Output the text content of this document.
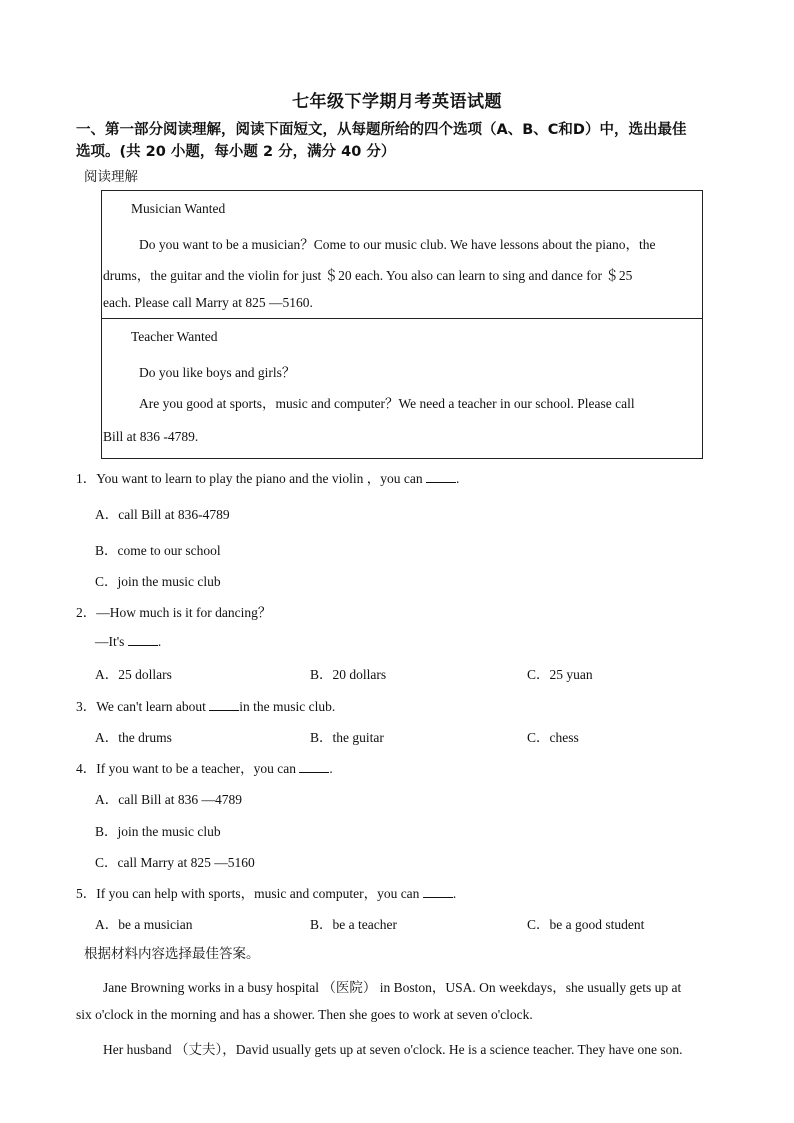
七年级下学期月考英语试题
一、第一部分阅读理解，阅读下面短文，从每题所给的四个选项（A、B、C和D）中，选出最佳
选项。(共 20 小题，每小题 2 分，满分 40 分）
阅读理解
Musician Wanted
Do you want to be a musician？Come to our music club. We have lessons about the piano，the
drums，the guitar and the violin for just ＄20 each. You also can learn to sing and dance for ＄25
each. Please call Marry at 825 —5160.
Teacher Wanted
Do you like boys and girls？
Are you good at sports，music and computer？We need a teacher in our school. Please call
Bill at 836 -4789.
1．You want to learn to play the piano and the violin ，you can .
A．call Bill at 836-4789
B．come to our school
C．join the music club
2．—How much is it for dancing？
—It's .
A．25 dollars	B．20 dollars	C．25 yuan
3．We can't learn about in the music club.
A．the drums	B．the guitar	C．chess
4．If you want to be a teacher，you can .
A．call Bill at 836 —4789
B．join the music club
C．call Marry at 825 —5160
5．If you can help with sports，music and computer，you can .
A．be a musician	B．be a teacher	C．be a good student
根据材料内容选择最佳答案。
Jane Browning works in a busy hospital （医院） in Boston，USA. On weekdays，she usually gets up at
six o'clock in the morning and has a shower. Then she goes to work at seven o'clock.
Her husband （丈夫），David usually gets up at seven o'clock. He is a science teacher. They have one son.
